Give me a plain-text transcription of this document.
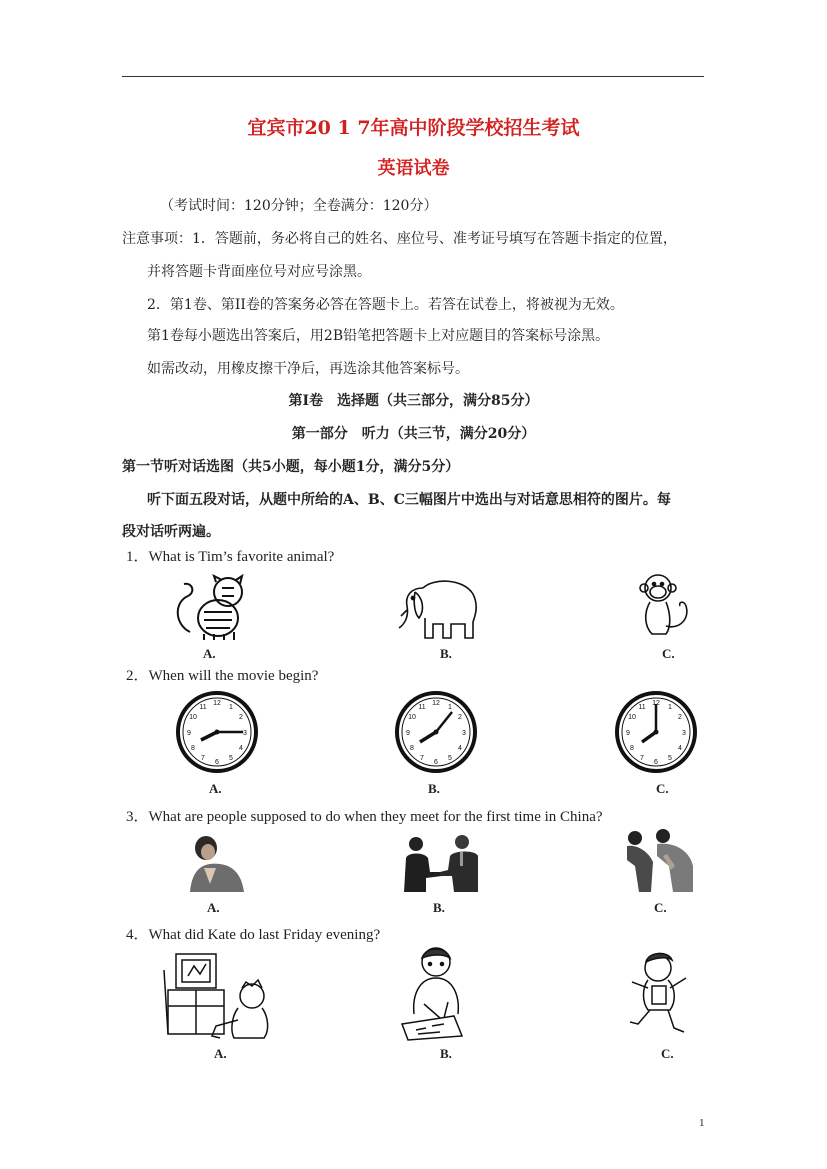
宜宾市20 1 7年高中阶段学校招生考试
英语试卷
（考试时间：120分钟；全卷满分：120分）
注意事项：1．答题前，务必将自己的姓名、座位号、准考证号填写在答题卡指定的位置，
并将答题卡背面座位号对应号涂黑。
2．第1卷、第II卷的答案务必答在答题卡上。若答在试卷上，将被视为无效。
第1卷每小题选出答案后，用2B铅笔把答题卡上对应题目的答案标号涂黑。
如需改动，用橡皮擦干净后，再选涂其他答案标号。
第Ⅰ卷　选择题（共三部分，满分85分）
第一部分　听力（共三节，满分20分）
第一节听对话选图（共5小题，每小题1分，满分5分）
听下面五段对话，从题中所给的A、B、C三幅图片中选出与对话意思相符的图片。每
段对话听两遍。
1．What is Tim’s favorite animal?
A.	B.	C.
2．When will the movie begin?
12
1
2
3
4
5
6
7
8
9
10
11
A.
12
1
2
3
4
5
6
7
8
9
10
11
B.
12
1
2
3
4
5
6
7
8
9
10
11
C.
3．What are people supposed to do when they meet for the first time in China?
A.	B.	C.
4．What did Kate do last Friday evening?
A.	B.	C.
1
